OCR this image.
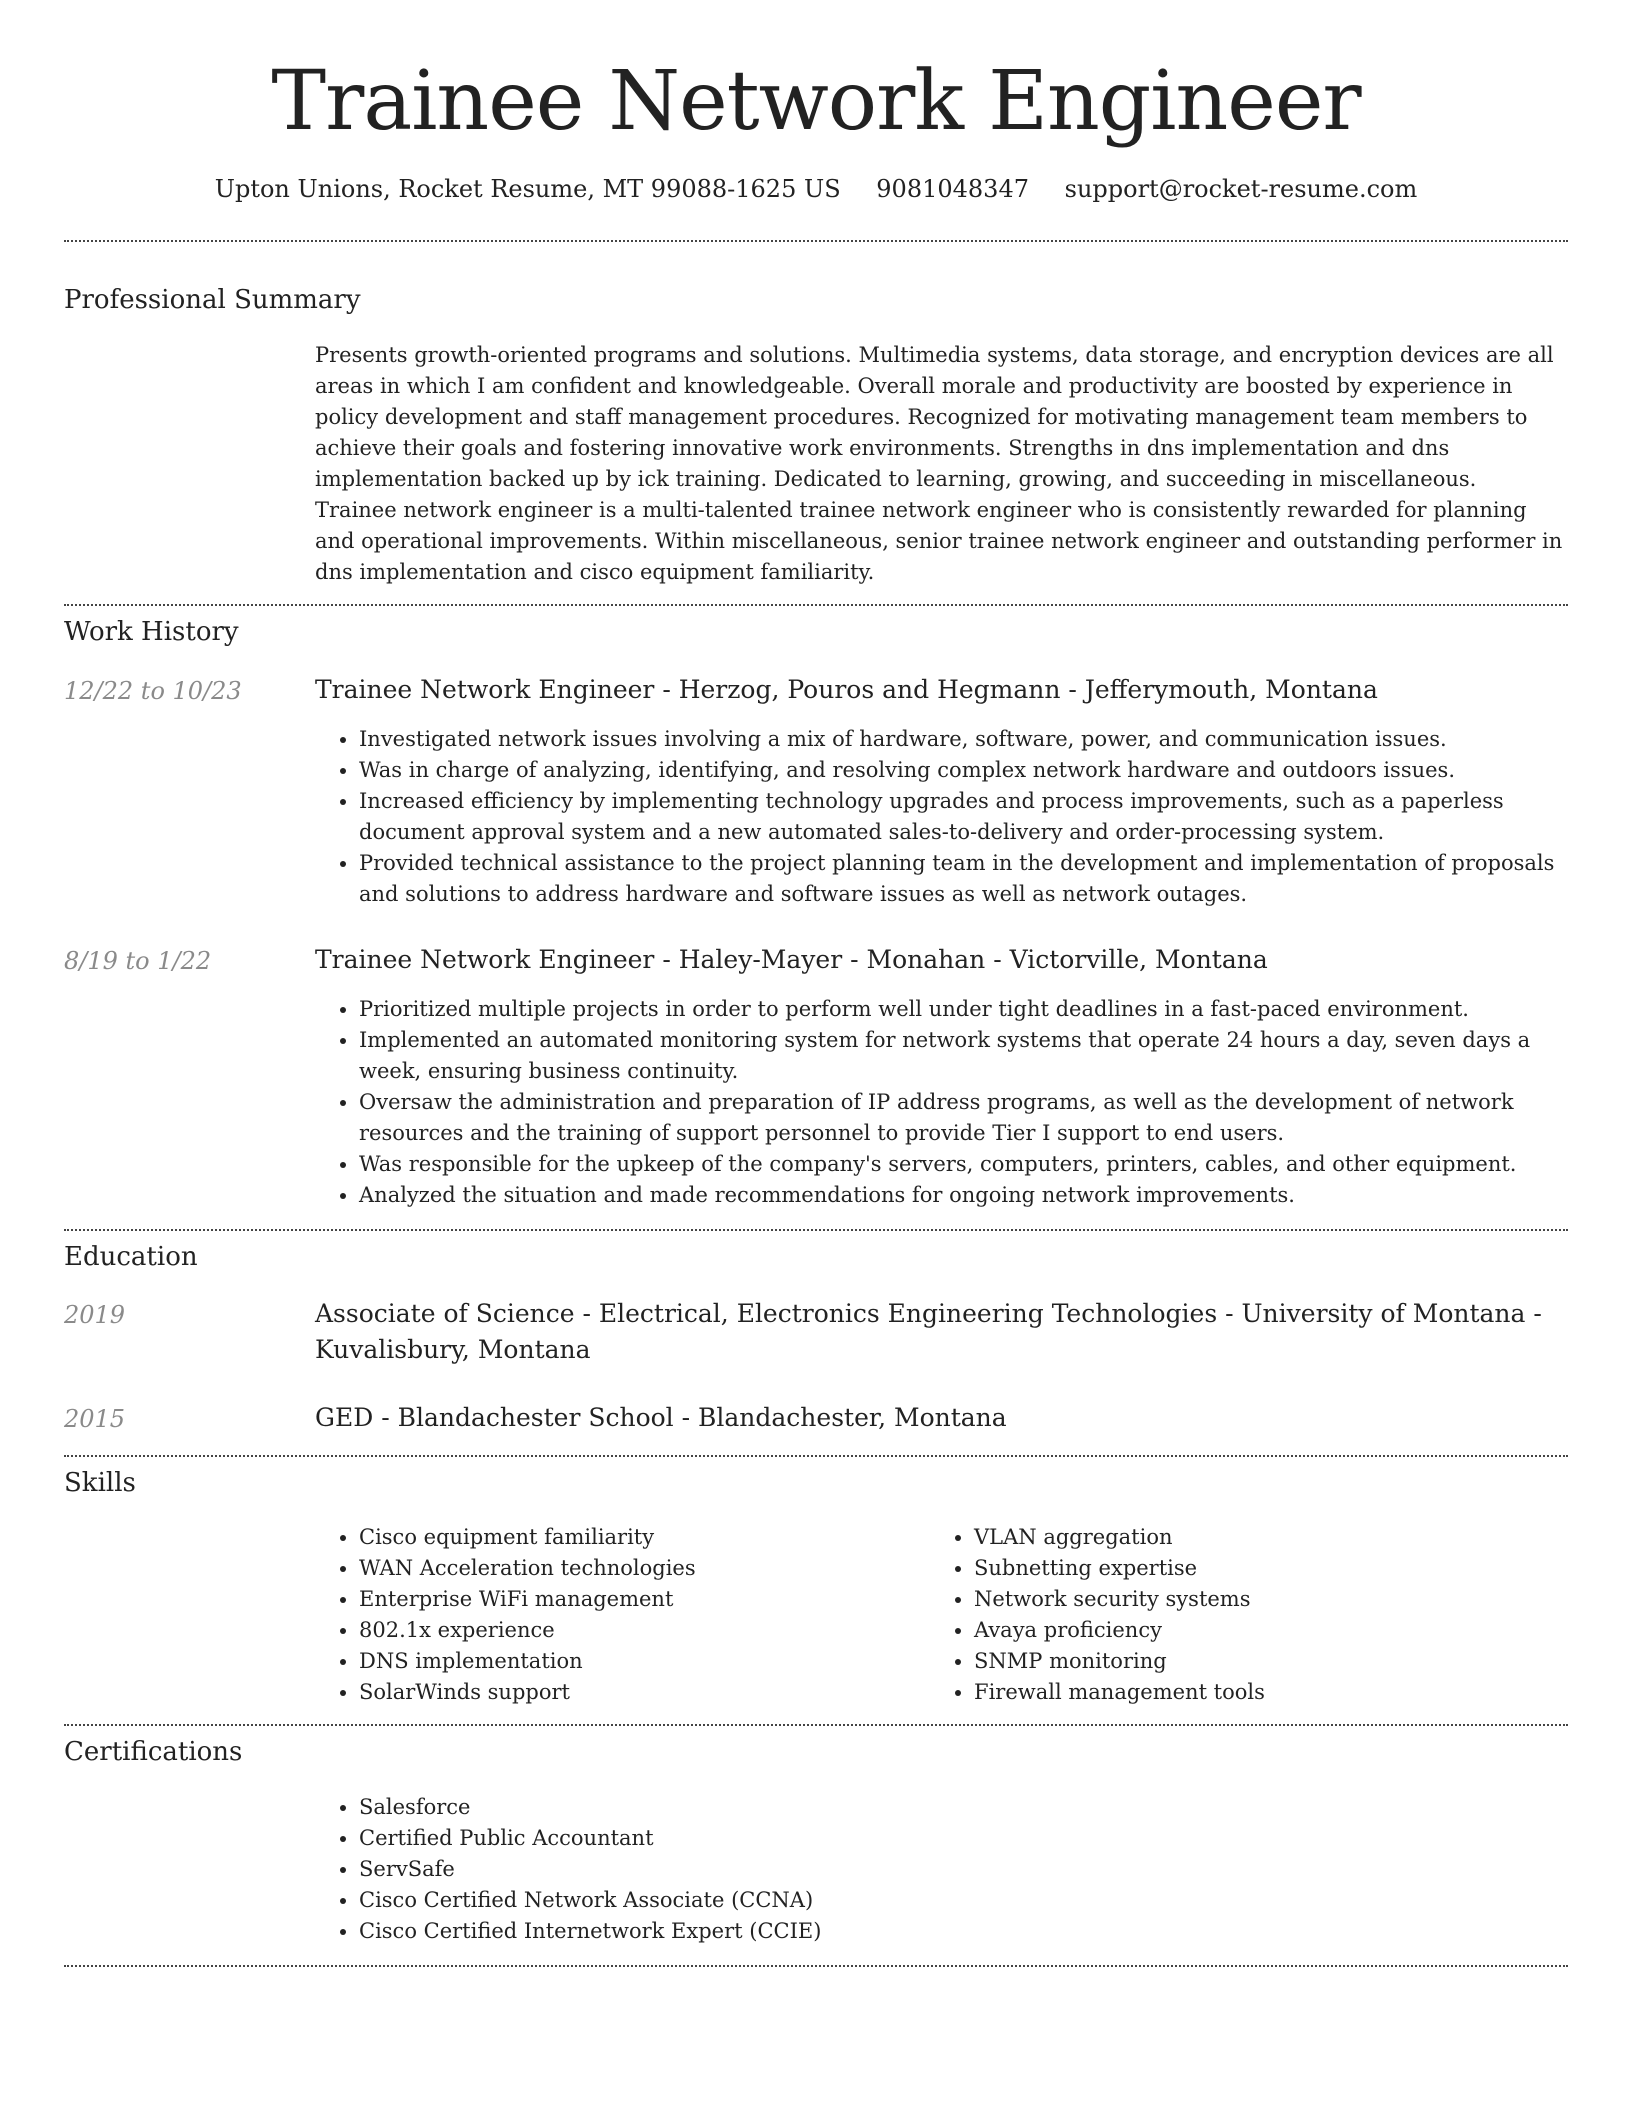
Trainee Network Engineer
Upton Unions, Rocket Resume, MT 99088-1625 US 9081048347 support@rocket-resume.com
Professional Summary

Presents growth-oriented programs and solutions. Multimedia systems, data storage, and encryption devices are all areas in which I am confident and knowledgeable. Overall morale and productivity are boosted by experience in policy development and staff management procedures. Recognized for motivating management team members to achieve their goals and fostering innovative work environments. Strengths in dns implementation and dns implementation backed up by ick training. Dedicated to learning, growing, and succeeding in miscellaneous. Trainee network engineer is a multi-talented trainee network engineer who is consistently rewarded for planning and operational improvements. Within miscellaneous, senior trainee network engineer and outstanding performer in dns implementation and cisco equipment familiarity.

Work History
12/22 to 10/23	Trainee Network Engineer - Herzog, Pouros and Hegmann - Jefferymouth, Montana
• Investigated network issues involving a mix of hardware, software, power, and communication issues.
• Was in charge of analyzing, identifying, and resolving complex network hardware and outdoors issues.
• Increased efficiency by implementing technology upgrades and process improvements, such as a paperless document approval system and a new automated sales-to-delivery and order-processing system.
• Provided technical assistance to the project planning team in the development and implementation of proposals and solutions to address hardware and software issues as well as network outages.
8/19 to 1/22	Trainee Network Engineer - Haley-Mayer - Monahan - Victorville, Montana
• Prioritized multiple projects in order to perform well under tight deadlines in a fast-paced environment.
• Implemented an automated monitoring system for network systems that operate 24 hours a day, seven days a week, ensuring business continuity.
• Oversaw the administration and preparation of IP address programs, as well as the development of network resources and the training of support personnel to provide Tier I support to end users.
• Was responsible for the upkeep of the company's servers, computers, printers, cables, and other equipment.
• Analyzed the situation and made recommendations for ongoing network improvements.
Education
2019	Associate of Science - Electrical, Electronics Engineering Technologies - University of Montana - Kuvalisbury, Montana
2015	GED - Blandachester School - Blandachester, Montana
Skills
• Cisco equipment familiarity
• WAN Acceleration technologies
• Enterprise WiFi management
• 802.1x experience
• DNS implementation
• SolarWinds support
• VLAN aggregation
• Subnetting expertise
• Network security systems
• Avaya proficiency
• SNMP monitoring
• Firewall management tools
Certifications
• Salesforce
• Certified Public Accountant
• ServSafe
• Cisco Certified Network Associate (CCNA)
• Cisco Certified Internetwork Expert (CCIE)
